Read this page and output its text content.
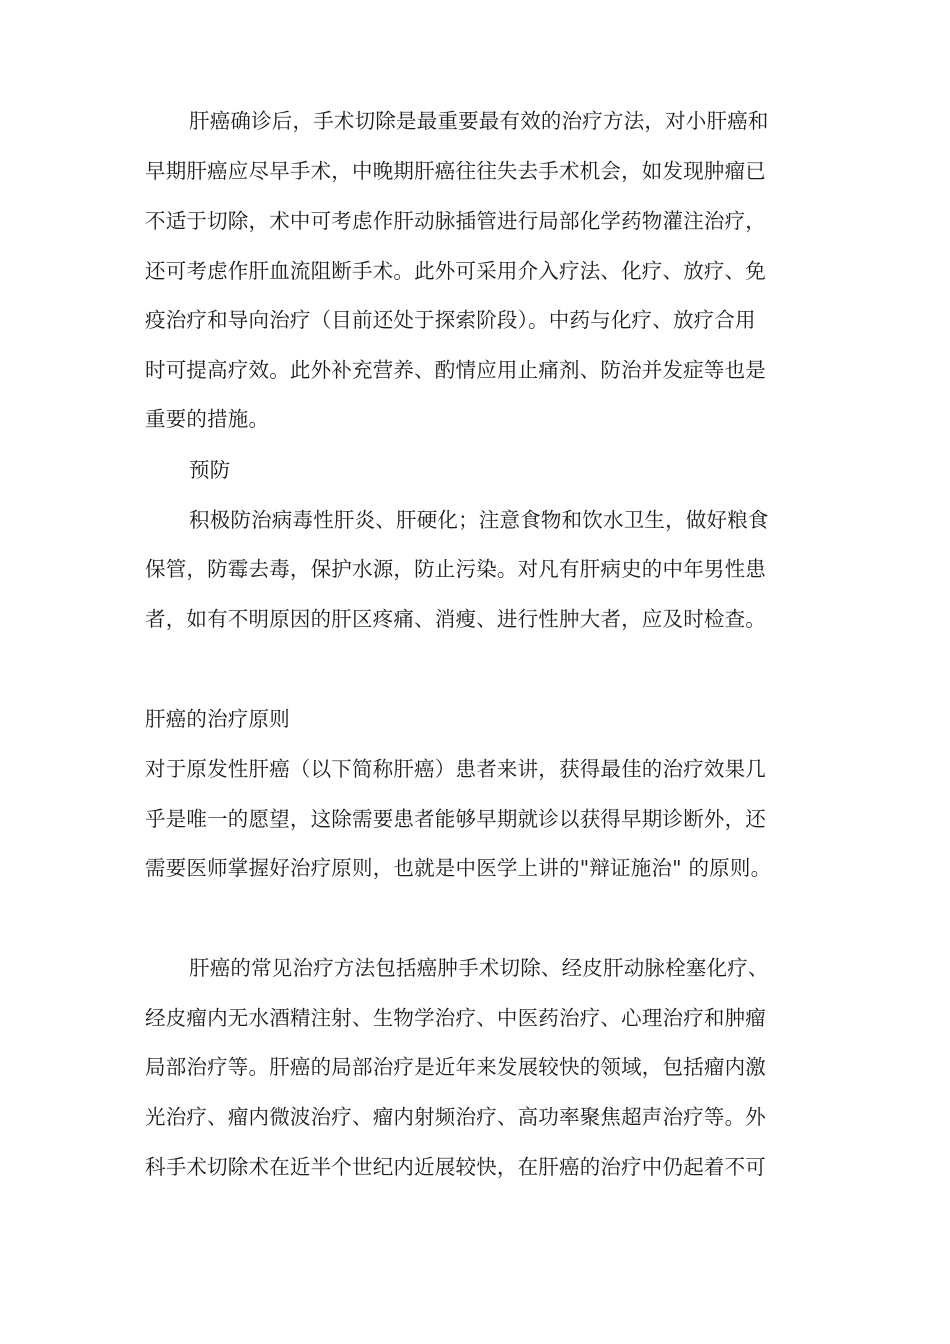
肝癌确诊后，手术切除是最重要最有效的治疗方法，对小肝癌和

早期肝癌应尽早手术，中晚期肝癌往往失去手术机会，如发现肿瘤已

不适于切除，术中可考虑作肝动脉插管进行局部化学药物灌注治疗，

还可考虑作肝血流阻断手术。此外可采用介入疗法、化疗、放疗、免

疫治疗和导向治疗（目前还处于探索阶段）。中药与化疗、放疗合用

时可提高疗效。此外补充营养、酌情应用止痛剂、防治并发症等也是

重要的措施。

预防

积极防治病毒性肝炎、肝硬化；注意食物和饮水卫生，做好粮食

保管，防霉去毒，保护水源，防止污染。对凡有肝病史的中年男性患

者，如有不明原因的肝区疼痛、消瘦、进行性肿大者，应及时检查。

肝癌的治疗原则

对于原发性肝癌（以下简称肝癌）患者来讲，获得最佳的治疗效果几

乎是唯一的愿望，这除需要患者能够早期就诊以获得早期诊断外，还

需要医师掌握好治疗原则，也就是中医学上讲的"辩证施治" 的原则。

肝癌的常见治疗方法包括癌肿手术切除、经皮肝动脉栓塞化疗、

经皮瘤内无水酒精注射、生物学治疗、中医药治疗、心理治疗和肿瘤

局部治疗等。肝癌的局部治疗是近年来发展较快的领域，包括瘤内激

光治疗、瘤内微波治疗、瘤内射频治疗、高功率聚焦超声治疗等。外

科手术切除术在近半个世纪内近展较快，在肝癌的治疗中仍起着不可
